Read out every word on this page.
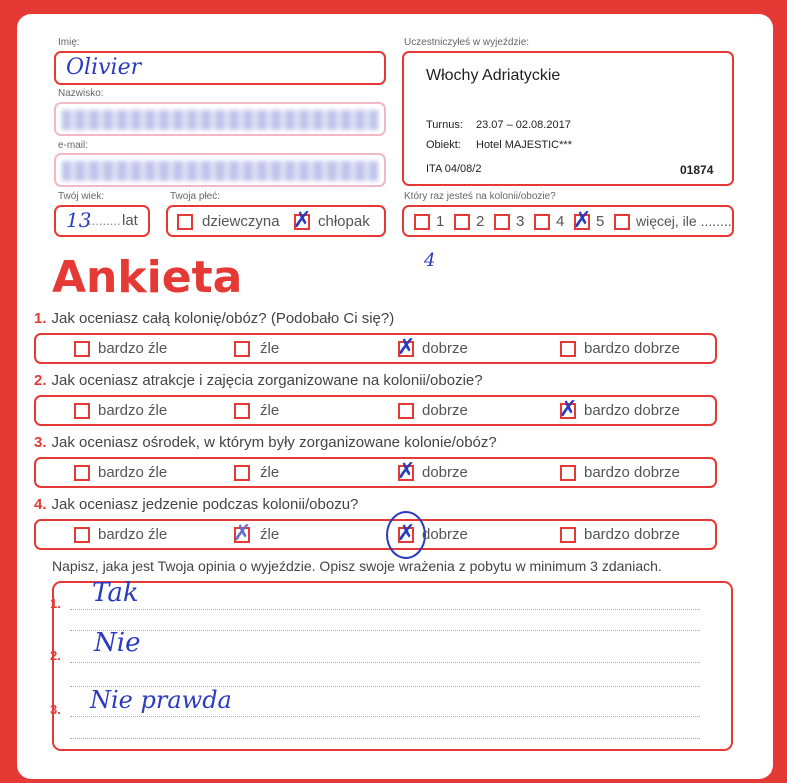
Imię:
Olivier
Nazwisko:
e-mail:
Twój wiek:
13
......... lat
Twoja płeć:
dziewczyna ✗ chłopak
Uczestniczyłeś w wyjeździe:
Włochy Adriatyckie
Turnus: 23.07 – 02.08.2017
Obiekt: Hotel MAJESTIC***
ITA 04/08/2	01874
Który raz jesteś na kolonii/obozie?
1 2 3 4 ✗ 5 więcej, ile ........
4
Ankieta
1. Jak oceniasz całą kolonię/obóz? (Podobało Ci się?)
bardzo źle	źle	✗ dobrze	bardzo dobrze
2. Jak oceniasz atrakcje i zajęcia zorganizowane na kolonii/obozie?
bardzo źle	źle	dobrze	✗ bardzo dobrze
3. Jak oceniasz ośrodek, w którym były zorganizowane kolonie/obóz?
bardzo źle	źle	✗ dobrze	bardzo dobrze
4. Jak oceniasz jedzenie podczas kolonii/obozu?
bardzo źle	✗ źle	✗ dobrze	bardzo dobrze
Napisz, jaka jest Twoja opinia o wyjeździe. Opisz swoje wrażenia z pobytu w minimum 3 zdaniach.
1. Tak
2. Nie
3. Nie prawda
